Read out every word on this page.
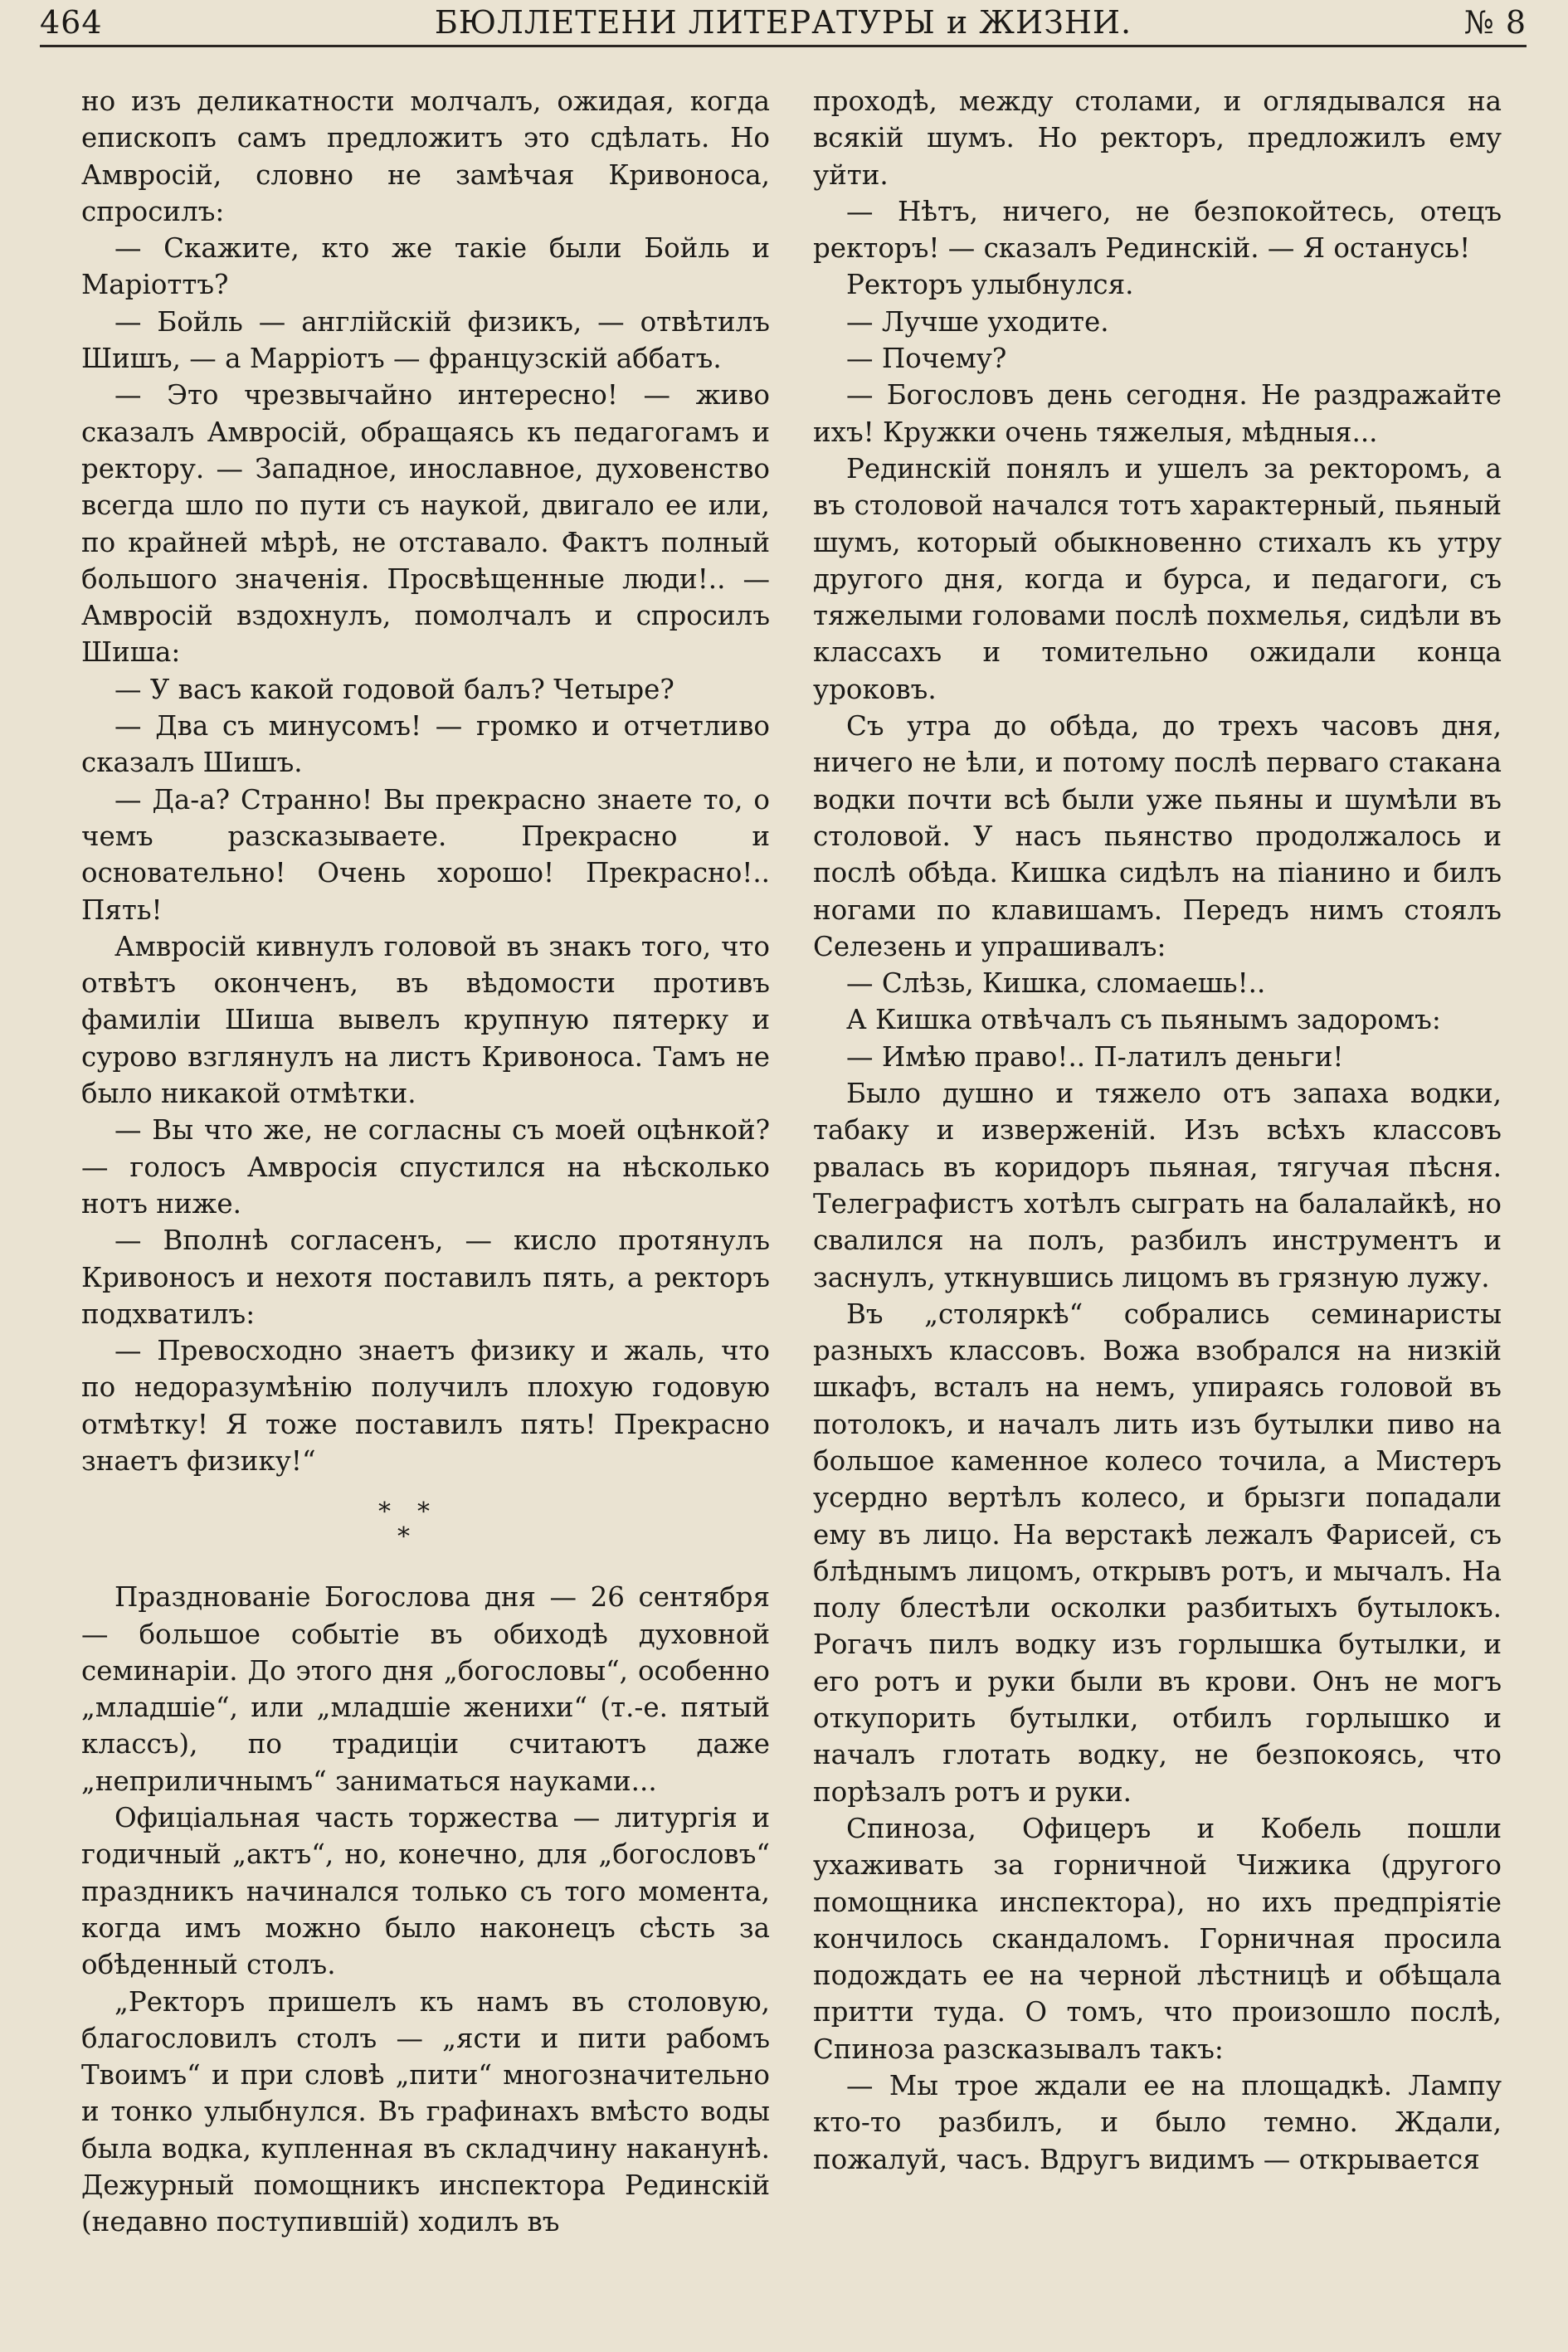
464	БЮЛЛЕТЕНИ ЛИТЕРАТУРЫ и ЖИЗНИ.	№ 8

но изъ деликатности молчалъ, ожидая, когда епископъ самъ предложитъ это сдѣлать. Но Амвросій, словно не замѣчая Кривоноса, спросилъ:

— Скажите, кто же такіе были Бойль и Маріоттъ?

— Бойль — англійскій физикъ, — отвѣтилъ Шишъ, — а Марріотъ — французскій аббатъ.

— Это чрезвычайно интересно! — живо сказалъ Амвросій, обращаясь къ педагогамъ и ректору. — Западное, инославное, духовенство всегда шло по пути съ наукой, двигало ее или, по крайней мѣрѣ, не отставало. Фактъ полный большого значенія. Просвѣщенные люди!.. — Амвросій вздохнулъ, помолчалъ и спросилъ Шиша:

— У васъ какой годовой балъ? Четыре?

— Два съ минусомъ! — громко и отчетливо сказалъ Шишъ.

— Да-а? Странно! Вы прекрасно знаете то, о чемъ разсказываете. Прекрасно и основательно! Очень хорошо! Прекрасно!.. Пять!

Амвросій кивнулъ головой въ знакъ того, что отвѣтъ оконченъ, въ вѣдомости противъ фамиліи Шиша вывелъ крупную пятерку и сурово взглянулъ на листъ Кривоноса. Тамъ не было никакой отмѣтки.

— Вы что же, не согласны съ моей оцѣнкой? — голосъ Амвросія спустился на нѣсколько нотъ ниже.

— Вполнѣ согласенъ, — кисло протянулъ Кривоносъ и нехотя поставилъ пять, а ректоръ подхватилъ:

— Превосходно знаетъ физику и жаль, что по недоразумѣнію получилъ плохую годовую отмѣтку! Я тоже поставилъ пять! Прекрасно знаетъ физику!“

* *
*

Празднованіе Богослова дня — 26 сентября — большое событіе въ обиходѣ духовной семинаріи. До этого дня „богословы“, особенно „младшіе“, или „младшіе женихи“ (т.-е. пятый классъ), по традиціи считаютъ даже „неприличнымъ“ заниматься науками...

Офиціальная часть торжества — литургія и годичный „актъ“, но, конечно, для „богословъ“ праздникъ начинался только съ того момента, когда имъ можно было наконецъ сѣсть за обѣденный столъ.

„Ректоръ пришелъ къ намъ въ столовую, благословилъ столъ — „ясти и пити рабомъ Твоимъ“ и при словѣ „пити“ многозначительно и тонко улыбнулся. Въ графинахъ вмѣсто воды была водка, купленная въ складчину наканунѣ. Дежурный помощникъ инспектора Рединскій (недавно поступившій) ходилъ въ

проходѣ, между столами, и оглядывался на всякій шумъ. Но ректоръ, предложилъ ему уйти.

— Нѣтъ, ничего, не безпокойтесь, отецъ ректоръ! — сказалъ Рединскій. — Я останусь!

Ректоръ улыбнулся.

— Лучше уходите.

— Почему?

— Богословъ день сегодня. Не раздражайте ихъ! Кружки очень тяжелыя, мѣдныя...

Рединскій понялъ и ушелъ за ректоромъ, а въ столовой начался тотъ характерный, пьяный шумъ, который обыкновенно стихалъ къ утру другого дня, когда и бурса, и педагоги, съ тяжелыми головами послѣ похмелья, сидѣли въ классахъ и томительно ожидали конца уроковъ.

Съ утра до обѣда, до трехъ часовъ дня, ничего не ѣли, и потому послѣ перваго стакана водки почти всѣ были уже пьяны и шумѣли въ столовой. У насъ пьянство продолжалось и послѣ обѣда. Кишка сидѣлъ на піанино и билъ ногами по клавишамъ. Передъ нимъ стоялъ Селезень и упрашивалъ:

— Слѣзь, Кишка, сломаешь!..

А Кишка отвѣчалъ съ пьянымъ задоромъ:

— Имѣю право!.. П-латилъ деньги!

Было душно и тяжело отъ запаха водки, табаку и изверженій. Изъ всѣхъ классовъ рвалась въ коридоръ пьяная, тягучая пѣсня. Телеграфистъ хотѣлъ сыграть на балалайкѣ, но свалился на полъ, разбилъ инструментъ и заснулъ, уткнувшись лицомъ въ грязную лужу.

Въ „столяркѣ“ собрались семинаристы разныхъ классовъ. Вожа взобрался на низкій шкафъ, всталъ на немъ, упираясь головой въ потолокъ, и началъ лить изъ бутылки пиво на большое каменное колесо точила, а Мистеръ усердно вертѣлъ колесо, и брызги попадали ему въ лицо. На верстакѣ лежалъ Фарисей, съ блѣднымъ лицомъ, открывъ ротъ, и мычалъ. На полу блестѣли осколки разбитыхъ бутылокъ. Рогачъ пилъ водку изъ горлышка бутылки, и его ротъ и руки были въ крови. Онъ не могъ откупорить бутылки, отбилъ горлышко и началъ глотать водку, не безпокоясь, что порѣзалъ ротъ и руки.

Спиноза, Офицеръ и Кобель пошли ухаживать за горничной Чижика (другого помощника инспектора), но ихъ предпріятіе кончилось скандаломъ. Горничная просила подождать ее на черной лѣстницѣ и обѣщала притти туда. О томъ, что произошло послѣ, Спиноза разсказывалъ такъ:

— Мы трое ждали ее на площадкѣ. Лампу кто-то разбилъ, и было темно. Ждали, пожалуй, часъ. Вдругъ видимъ — открывается
